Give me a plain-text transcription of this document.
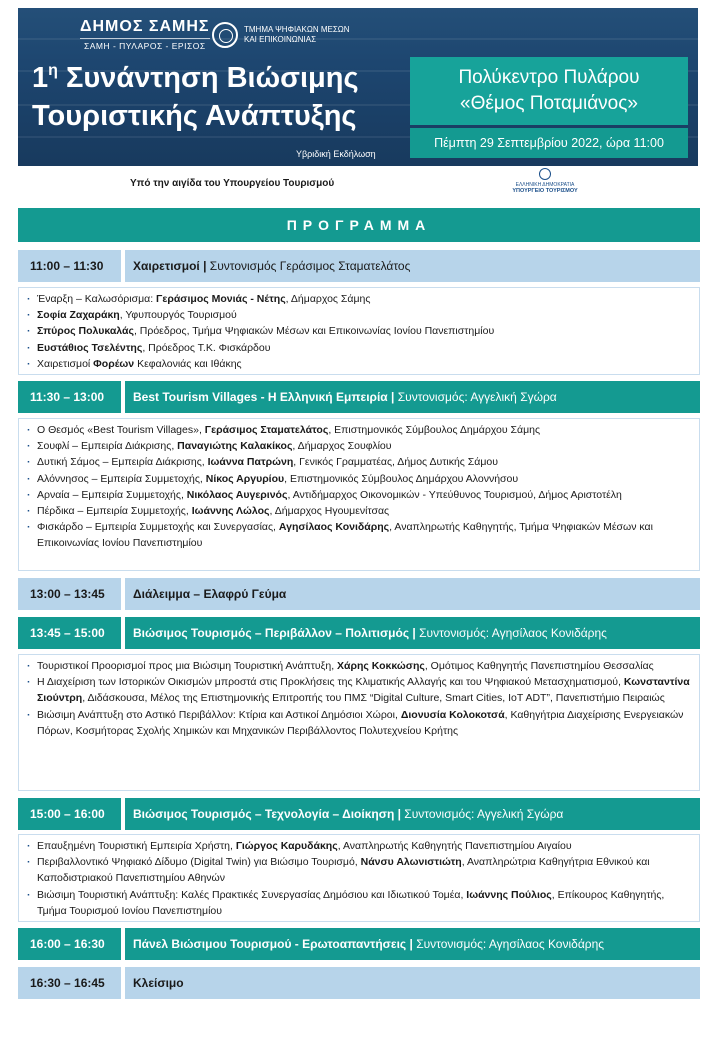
ΔΗΜΟΣ ΣΑΜΗΣ
ΣΑΜΗ - ΠΥΛΑΡΟΣ - ΕΡΙΣΟΣ
ΤΜΗΜΑ ΨΗΦΙΑΚΩΝ ΜΕΣΩΝ ΚΑΙ ΕΠΙΚΟΙΝΩΝΙΑΣ
$1^\eta$ Συνάντηση Βιώσιμης
Τουριστικής Ανάπτυξης
Υβριδική Εκδήλωση
Πολύκεντρο Πυλάρου
«Θέμος Ποταμιάνος»
Πέμπτη 29 Σεπτεμβρίου 2022, ώρα 11:00
Υπό την αιγίδα του Υπουργείου Τουρισμού	ΕΛΛΗΝΙΚΗ ΔΗΜΟΚΡΑΤΙΑ
ΥΠΟΥΡΓΕΙΟ ΤΟΥΡΙΣΜΟΥ
ΠΡΟΓΡΑΜΜΑ
11:00 – 11:30	Χαιρετισμοί | Συντονισμός Γεράσιμος Σταματελάτος
· Έναρξη – Καλωσόρισμα: Γεράσιμος Μονιάς - Νέτης, Δήμαρχος Σάμης
· Σοφία Ζαχαράκη, Υφυπουργός Τουρισμού
· Σπύρος Πολυκαλάς, Πρόεδρος, Τμήμα Ψηφιακών Μέσων και Επικοινωνίας Ιονίου Πανεπιστημίου
· Ευστάθιος Τσελέντης, Πρόεδρος Τ.Κ. Φισκάρδου
· Χαιρετισμοί Φορέων Κεφαλονιάς και Ιθάκης
11:30 – 13:00	Best Tourism Villages - Η Ελληνική Εμπειρία | Συντονισμός: Αγγελική Σγώρα
· Ο Θεσμός «Best Tourism Villages», Γεράσιμος Σταματελάτος, Επιστημονικός Σύμβουλος Δημάρχου Σάμης
· Σουφλί – Εμπειρία Διάκρισης, Παναγιώτης Καλακίκος, Δήμαρχος Σουφλίου
· Δυτική Σάμος – Εμπειρία Διάκρισης, Ιωάννα Πατρώνη, Γενικός Γραμματέας, Δήμος Δυτικής Σάμου
· Αλόννησος – Εμπειρία Συμμετοχής, Νίκος Αργυρίου, Επιστημονικός Σύμβουλος Δημάρχου Αλοννήσου
· Αρναία – Εμπειρία Συμμετοχής, Νικόλαος Αυγερινός, Αντιδήμαρχος Οικονομικών - Υπεύθυνος Τουρισμού, Δήμος Αριστοτέλη
· Πέρδικα – Εμπειρία Συμμετοχής, Ιωάννης Λώλος, Δήμαρχος Ηγουμενίτσας
· Φισκάρδο – Εμπειρία Συμμετοχής και Συνεργασίας, Αγησίλαος Κονιδάρης, Αναπληρωτής Καθηγητής, Τμήμα Ψηφιακών Μέσων και Επικοινωνίας Ιονίου Πανεπιστημίου
13:00 – 13:45	Διάλειμμα – Ελαφρύ Γεύμα
13:45 – 15:00	Βιώσιμος Τουρισμός – Περιβάλλον – Πολιτισμός | Συντονισμός: Αγησίλαος Κονιδάρης
· Τουριστικοί Προορισμοί προς μια Βιώσιμη Τουριστική Ανάπτυξη, Χάρης Κοκκώσης, Ομότιμος Καθηγητής Πανεπιστημίου Θεσσαλίας
· Η Διαχείριση των Ιστορικών Οικισμών μπροστά στις Προκλήσεις της Κλιματικής Αλλαγής και του Ψηφιακού Μετασχηματισμού, Κωνσταντίνα Σιούντρη, Διδάσκουσα, Μέλος της Επιστημονικής Επιτροπής του ΠΜΣ “Digital Culture, Smart Cities, IoT ADT”, Πανεπιστήμιο Πειραιώς
· Βιώσιμη Ανάπτυξη στο Αστικό Περιβάλλον: Κτίρια και Αστικοί Δημόσιοι Χώροι, Διονυσία Κολοκοτσά, Καθηγήτρια Διαχείρισης Ενεργειακών Πόρων, Κοσμήτορας Σχολής Χημικών και Μηχανικών Περιβάλλοντος Πολυτεχνείου Κρήτης
15:00 – 16:00	Βιώσιμος Τουρισμός – Τεχνολογία – Διοίκηση | Συντονισμός: Αγγελική Σγώρα
· Επαυξημένη Τουριστική Εμπειρία Χρήστη, Γιώργος Καρυδάκης, Αναπληρωτής Καθηγητής Πανεπιστημίου Αιγαίου
· Περιβαλλοντικό Ψηφιακό Δίδυμο (Digital Twin) για Βιώσιμο Τουρισμό, Νάνσυ Αλωνιστιώτη, Αναπληρώτρια Καθηγήτρια Εθνικού και Καποδιστριακού Πανεπιστημίου Αθηνών
· Βιώσιμη Τουριστική Ανάπτυξη: Καλές Πρακτικές Συνεργασίας Δημόσιου και Ιδιωτικού Τομέα, Ιωάννης Πούλιος, Επίκουρος Καθηγητής, Τμήμα Τουρισμού Ιονίου Πανεπιστημίου
16:00 – 16:30	Πάνελ Βιώσιμου Τουρισμού - Ερωτοαπαντήσεις | Συντονισμός: Αγησίλαος Κονιδάρης
16:30 – 16:45	Κλείσιμο
